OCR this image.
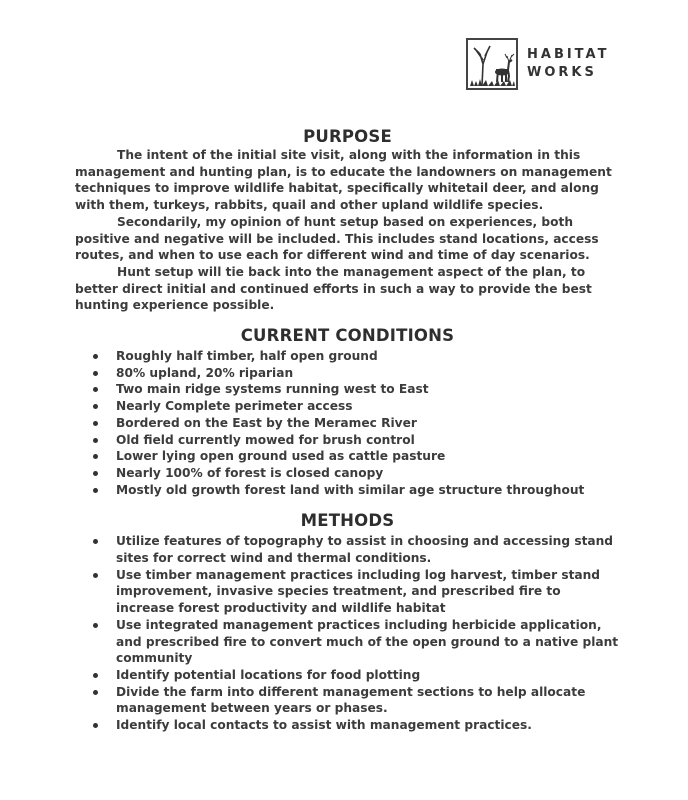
HABITAT
WORKS
PURPOSE

The intent of the initial site visit, along with the information in this management and hunting plan, is to educate the landowners on management techniques to improve wildlife habitat, specifically whitetail deer, and along with them, turkeys, rabbits, quail and other upland wildlife species.

Secondarily, my opinion of hunt setup based on experiences, both positive and negative will be included. This includes stand locations, access routes, and when to use each for different wind and time of day scenarios.

Hunt setup will tie back into the management aspect of the plan, to better direct initial and continued efforts in such a way to provide the best hunting experience possible.

CURRENT CONDITIONS
Roughly half timber, half open ground
80% upland, 20% riparian
Two main ridge systems running west to East
Nearly Complete perimeter access
Bordered on the East by the Meramec River
Old field currently mowed for brush control
Lower lying open ground used as cattle pasture
Nearly 100% of forest is closed canopy
Mostly old growth forest land with similar age structure throughout
METHODS
Utilize features of topography to assist in choosing and accessing stand sites for correct wind and thermal conditions.
Use timber management practices including log harvest, timber stand improvement, invasive species treatment, and prescribed fire to increase forest productivity and wildlife habitat
Use integrated management practices including herbicide application, and prescribed fire to convert much of the open ground to a native plant community
Identify potential locations for food plotting
Divide the farm into different management sections to help allocate management between years or phases.
Identify local contacts to assist with management practices.
